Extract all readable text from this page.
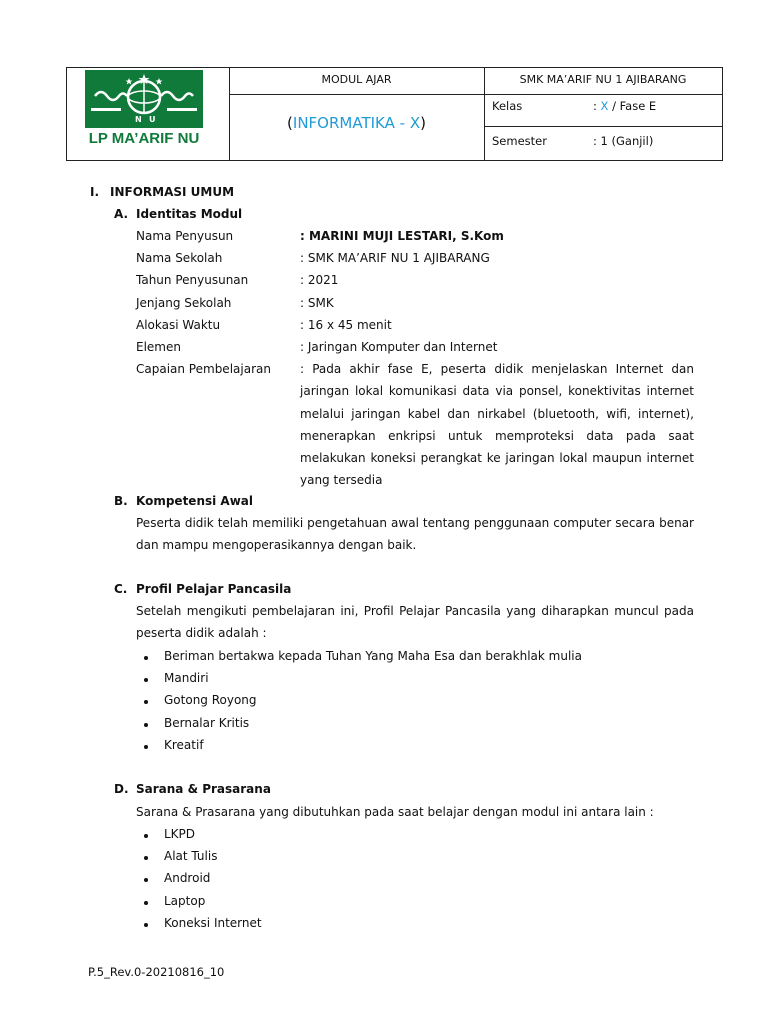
N U
LP MA’ARIF NU
MODUL AJAR	SMK MA’ARIF NU 1 AJIBARANG
(INFORMATIKA - X)
Kelas	: X / Fase E
Semester	: 1 (Ganjil)
I. INFORMASI UMUM
A. Identitas Modul
Nama Penyusun	: MARINI MUJI LESTARI, S.Kom
Nama Sekolah	: SMK MA’ARIF NU 1 AJIBARANG
Tahun Penyusunan	: 2021
Jenjang Sekolah	: SMK
Alokasi Waktu	: 16 x 45 menit
Elemen	: Jaringan Komputer dan Internet
Capaian Pembelajaran : Pada akhir fase E, peserta didik menjelaskan Internet dan jaringan lokal komunikasi data via ponsel, konektivitas internet melalui jaringan kabel dan nirkabel (bluetooth, wifi, internet), menerapkan enkripsi untuk memproteksi data pada saat melakukan koneksi perangkat ke jaringan lokal maupun internet yang tersedia
B. Kompetensi Awal
Peserta didik telah memiliki pengetahuan awal tentang penggunaan computer secara benar dan mampu mengoperasikannya dengan baik.
C. Profil Pelajar Pancasila
Setelah mengikuti pembelajaran ini, Profil Pelajar Pancasila yang diharapkan muncul pada peserta didik adalah :
Beriman bertakwa kepada Tuhan Yang Maha Esa dan berakhlak mulia
Mandiri
Gotong Royong
Bernalar Kritis
Kreatif
D. Sarana & Prasarana
Sarana & Prasarana yang dibutuhkan pada saat belajar dengan modul ini antara lain :
LKPD
Alat Tulis
Android
Laptop
Koneksi Internet
P.5_Rev.0-20210816_10
